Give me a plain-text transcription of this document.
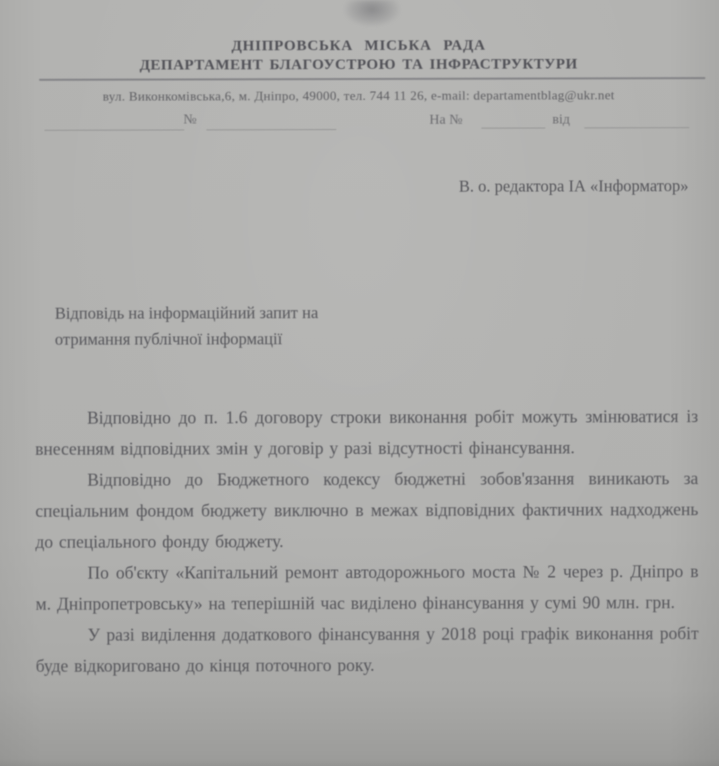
ДНІПРОВСЬКА МІСЬКА РАДА
ДЕПАРТАМЕНТ БЛАГОУСТРОЮ ТА ІНФРАСТРУКТУРИ
вул. Виконкомівська,6, м. Дніпро, 49000, тел. 744 11 26, e-mail: departamentblag@ukr.net
№	На №	від
В. о. редактора ІА «Інформатор»
Відповідь на інформаційний запит на
отримання публічної інформації

Відповідно до п. 1.6 договору строки виконання робіт можуть змінюватися із внесенням відповідних змін у договір у разі відсутності фінансування.

Відповідно до Бюджетного кодексу бюджетні зобов'язання виникають за спеціальним фондом бюджету виключно в межах відповідних фактичних надходжень до спеціального фонду бюджету.

По об'єкту «Капітальний ремонт автодорожнього моста № 2 через р. Дніпро в м. Дніпропетровську» на теперішній час виділено фінансування у сумі 90 млн. грн.

У разі виділення додаткового фінансування у 2018 році графік виконання робіт буде відкориговано до кінця поточного року.
